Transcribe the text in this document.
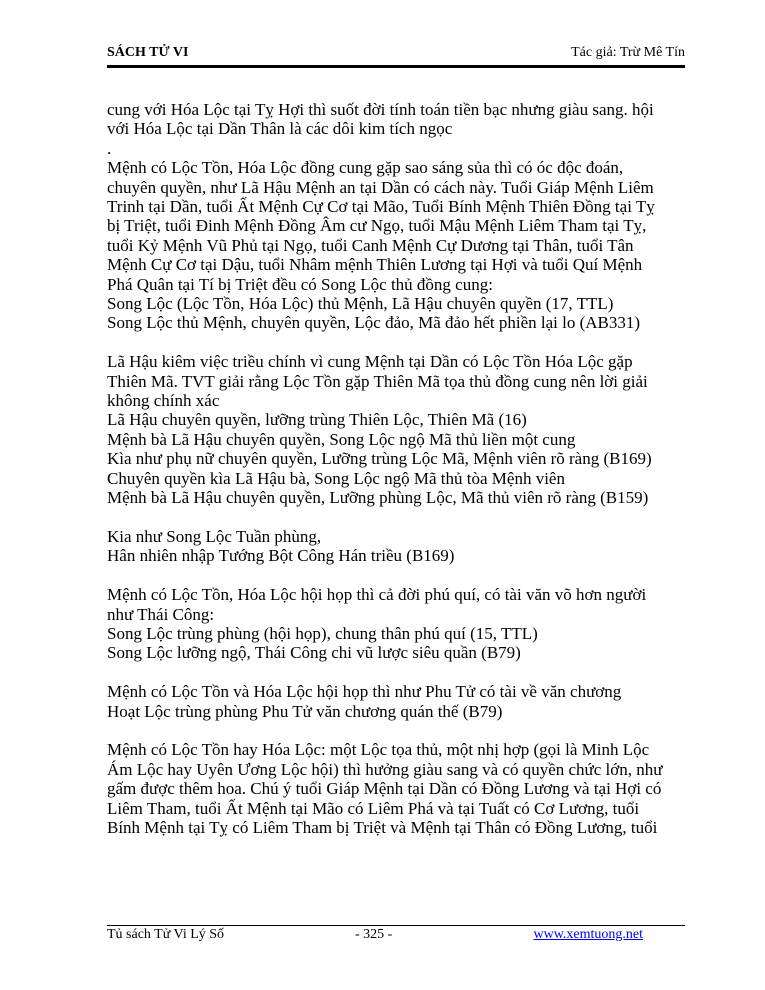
SÁCH TỬ VI	Tác giả: Trừ Mê Tín
cung với Hóa Lộc tại Tỵ Hợi thì suốt đời tính toán tiền bạc nhưng giàu sang. hội
với Hóa Lộc tại Dần Thân là các dôi kim tích ngọc
.
Mệnh có Lộc Tồn, Hóa Lộc đồng cung gặp sao sáng sủa thì có óc độc đoán,
chuyên quyền, như Lã Hậu Mệnh an tại Dần có cách này. Tuổi Giáp Mệnh Liêm
Trinh tại Dần, tuổi Ất Mệnh Cự Cơ tại Mão, Tuổi Bính Mệnh Thiên Đồng tại Tỵ
bị Triệt, tuổi Đinh Mệnh Đồng Âm cư Ngọ, tuổi Mậu Mệnh Liêm Tham tại Tỵ,
tuổi Kỷ Mệnh Vũ Phủ tại Ngọ, tuổi Canh Mệnh Cự Dương tại Thân, tuổi Tân
Mệnh Cự Cơ tại Dậu, tuổi Nhâm mệnh Thiên Lương tại Hợi và tuổi Quí Mệnh
Phá Quân tại Tí bị Triệt đều có Song Lộc thủ đồng cung:
Song Lộc (Lộc Tồn, Hóa Lộc) thủ Mệnh, Lã Hậu chuyên quyền (17, TTL)
Song Lộc thủ Mệnh, chuyên quyền, Lộc đảo, Mã đảo hết phiền lại lo (AB331)
Lã Hậu kiêm việc triều chính vì cung Mệnh tại Dần có Lộc Tồn Hóa Lộc gặp
Thiên Mã. TVT giải rằng Lộc Tồn gặp Thiên Mã tọa thủ đồng cung nên lời giải
không chính xác
Lã Hậu chuyên quyền, lưỡng trùng Thiên Lộc, Thiên Mã (16)
Mệnh bà Lã Hậu chuyên quyền, Song Lộc ngộ Mã thủ liền một cung
Kìa như phụ nữ chuyên quyền, Lưỡng trùng Lộc Mã, Mệnh viên rõ ràng (B169)
Chuyên quyền kìa Lã Hậu bà, Song Lộc ngộ Mã thủ tòa Mệnh viên
Mệnh bà Lã Hậu chuyên quyền, Lưỡng phùng Lộc, Mã thủ viên rõ ràng (B159)
Kia như Song Lộc Tuần phùng,
Hân nhiên nhập Tướng Bột Công Hán triều (B169)
Mệnh có Lộc Tồn, Hóa Lộc hội họp thì cả đời phú quí, có tài văn võ hơn người
như Thái Công:
Song Lộc trùng phùng (hội họp), chung thân phú quí (15, TTL)
Song Lộc lưỡng ngộ, Thái Công chi vũ lược siêu quần (B79)
Mệnh có Lộc Tồn và Hóa Lộc hội họp thì như Phu Tử có tài về văn chương
Hoạt Lộc trùng phùng Phu Tử văn chương quán thế (B79)
Mệnh có Lộc Tồn hay Hóa Lộc: một Lộc tọa thủ, một nhị hợp (gọi là Minh Lộc
Ám Lộc hay Uyên Ương Lộc hội) thì hưởng giàu sang và có quyền chức lớn, như
gấm được thêm hoa. Chú ý tuổi Giáp Mệnh tại Dần có Đồng Lương và tại Hợi có
Liêm Tham, tuổi Ất Mệnh tại Mão có Liêm Phá và tại Tuất có Cơ Lương, tuổi
Bính Mệnh tại Tỵ có Liêm Tham bị Triệt và Mệnh tại Thân có Đồng Lương, tuổi
Tủ sách Tử Vi Lý Số	- 325 -	www.xemtuong.net
